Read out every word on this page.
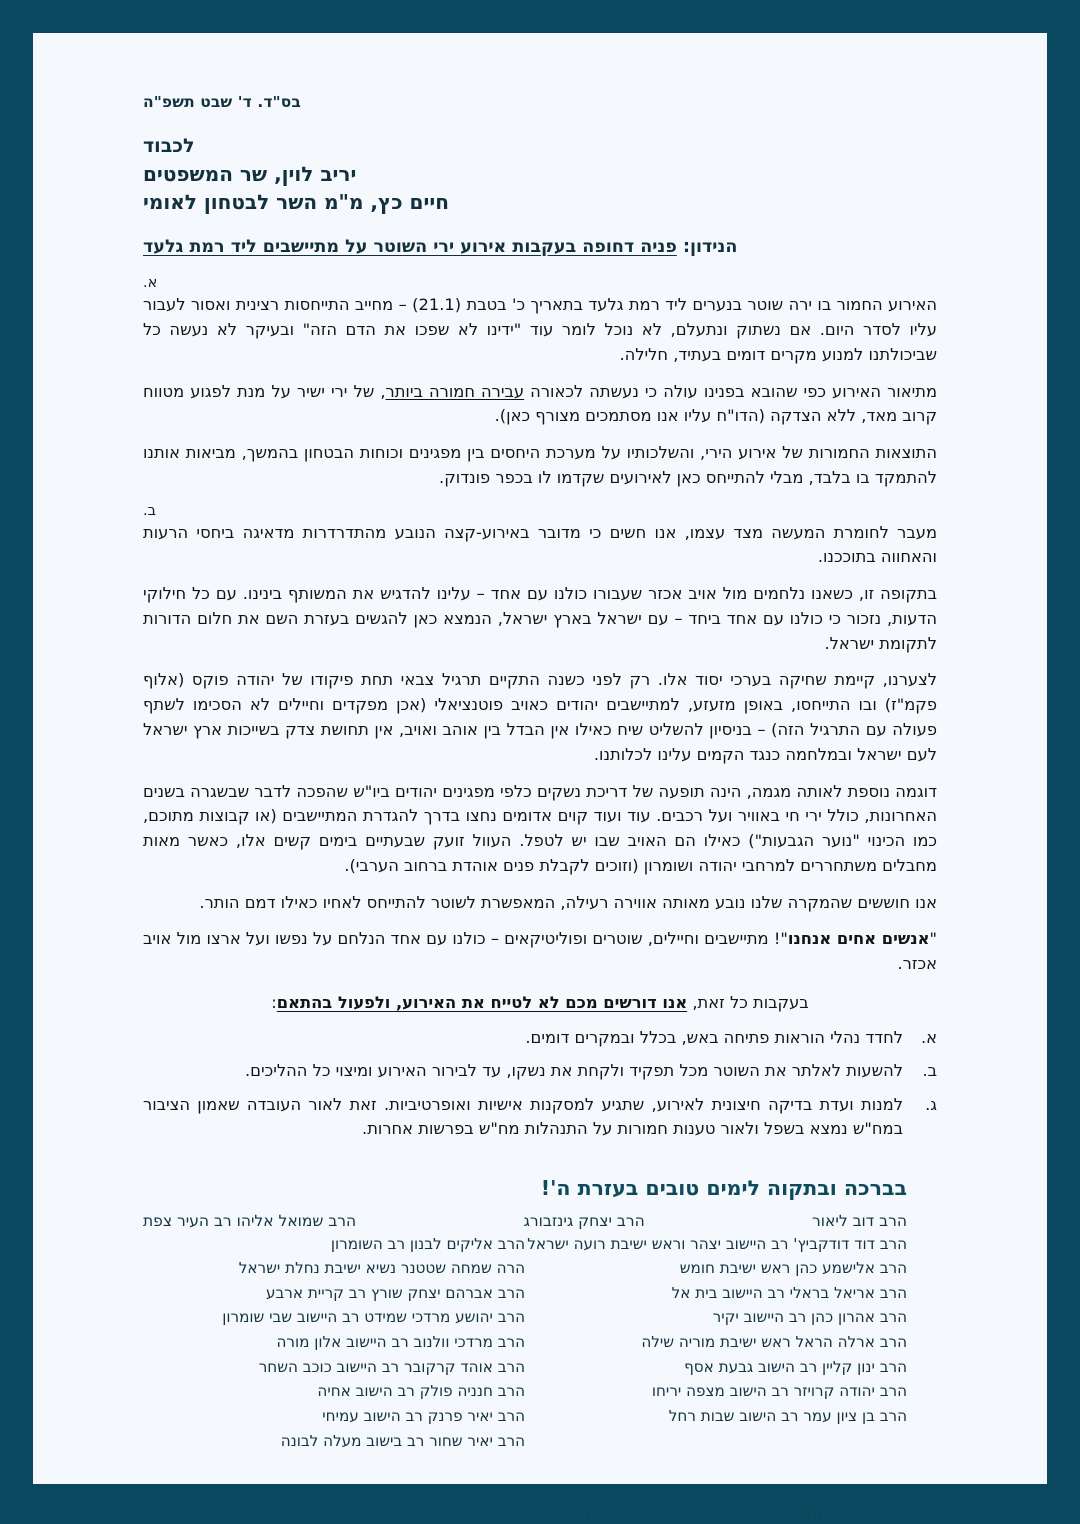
בס"ד. ד' שבט תשפ"ה
לכבוד
יריב לוין, שר המשפטים
חיים כץ, מ"מ השר לבטחון לאומי
הנידון: פניה דחופה בעקבות אירוע ירי השוטר על מתיישבים ליד רמת גלעד
א.

האירוע החמור בו ירה שוטר בנערים ליד רמת גלעד בתאריך כ' בטבת (21.1) – מחייב התייחסות רצינית ואסור לעבור עליו לסדר היום. אם נשתוק ונתעלם, לא נוכל לומר עוד "ידינו לא שפכו את הדם הזה" ובעיקר לא נעשה כל שביכולתנו למנוע מקרים דומים בעתיד, חלילה.

מתיאור האירוע כפי שהובא בפנינו עולה כי נעשתה לכאורה עבירה חמורה ביותר, של ירי ישיר על מנת לפגוע מטווח קרוב מאד, ללא הצדקה (הדו"ח עליו אנו מסתמכים מצורף כאן).

התוצאות החמורות של אירוע הירי, והשלכותיו על מערכת היחסים בין מפגינים וכוחות הבטחון בהמשך, מביאות אותנו להתמקד בו בלבד, מבלי להתייחס כאן לאירועים שקדמו לו בכפר פונדוק.

ב.

מעבר לחומרת המעשה מצד עצמו, אנו חשים כי מדובר באירוע-קצה הנובע מהתדרדרות מדאיגה ביחסי הרעות והאחווה בתוככנו.

בתקופה זו, כשאנו נלחמים מול אויב אכזר שעבורו כולנו עם אחד – עלינו להדגיש את המשותף בינינו. עם כל חילוקי הדעות, נזכור כי כולנו עם אחד ביחד – עם ישראל בארץ ישראל, הנמצא כאן להגשים בעזרת השם את חלום הדורות לתקומת ישראל.

לצערנו, קיימת שחיקה בערכי יסוד אלו. רק לפני כשנה התקיים תרגיל צבאי תחת פיקודו של יהודה פוקס (אלוף פקמ"ז) ובו התייחסו, באופן מזעזע, למתיישבים יהודים כאויב פוטנציאלי (אכן מפקדים וחיילים לא הסכימו לשתף פעולה עם התרגיל הזה) – בניסיון להשליט שיח כאילו אין הבדל בין אוהב ואויב, אין תחושת צדק בשייכות ארץ ישראל לעם ישראל ובמלחמה כנגד הקמים עלינו לכלותנו.

דוגמה נוספת לאותה מגמה, הינה תופעה של דריכת נשקים כלפי מפגינים יהודים ביו"ש שהפכה לדבר שבשגרה בשנים האחרונות, כולל ירי חי באוויר ועל רכבים. עוד ועוד קוים אדומים נחצו בדרך להגדרת המתיישבים (או קבוצות מתוכם, כמו הכינוי "נוער הגבעות") כאילו הם האויב שבו יש לטפל. העוול זועק שבעתיים בימים קשים אלו, כאשר מאות מחבלים משתחררים למרחבי יהודה ושומרון (וזוכים לקבלת פנים אוהדת ברחוב הערבי).

אנו חוששים שהמקרה שלנו נובע מאותה אווירה רעילה, המאפשרת לשוטר להתייחס לאחיו כאילו דמם הותר.

"אנשים אחים אנחנו"! מתיישבים וחיילים, שוטרים ופוליטיקאים – כולנו עם אחד הנלחם על נפשו ועל ארצו מול אויב אכזר.

בעקבות כל זאת, אנו דורשים מכם לא לטייח את האירוע, ולפעול בהתאם:
א.
לחדד נהלי הוראות פתיחה באש, בכלל ובמקרים דומים.
ב.
להשעות לאלתר את השוטר מכל תפקיד ולקחת את נשקו, עד לבירור האירוע ומיצוי כל ההליכים.
ג.
למנות ועדת בדיקה חיצונית לאירוע, שתגיע למסקנות אישיות ואופרטיביות. זאת לאור העובדה שאמון הציבור במח"ש נמצא בשפל ולאור טענות חמורות על התנהלות מח"ש בפרשות אחרות.
בברכה ובתקוה לימים טובים בעזרת ה'!
הרב דוב ליאור
הרב יצחק גינזבורג
הרב שמואל אליהו רב העיר צפת
הרב דוד דודקביץ' רב היישוב יצהר וראש ישיבת רועה ישראל
הרב אלישמע כהן ראש ישיבת חומש
הרב אריאל בראלי רב היישוב בית אל
הרב אהרון כהן רב היישוב יקיר
הרב ארלה הראל ראש ישיבת מוריה שילה
הרב ינון קליין רב הישוב גבעת אסף
הרב יהודה קרויזר רב הישוב מצפה יריחו
הרב בן ציון עמר רב הישוב שבות רחל
הרב אליקים לבנון רב השומרון
הרה שמחה שטטנר נשיא ישיבת נחלת ישראל
הרב אברהם יצחק שורץ רב קריית ארבע
הרב יהושע מרדכי שמידט רב היישוב שבי שומרון
הרב מרדכי וולנוב רב היישוב אלון מורה
הרב אוהד קרקובר רב היישוב כוכב השחר
הרב חנניה פולק רב הישוב אחיה
הרב יאיר פרנק רב הישוב עמיחי
הרב יאיר שחור רב בישוב מעלה לבונה
העתקים: ראש הממשלה, מר בנימין נתניהו. ממ"ז ש"י משה פינצ'י. אלוף פקמ"ז אבי בלוט
